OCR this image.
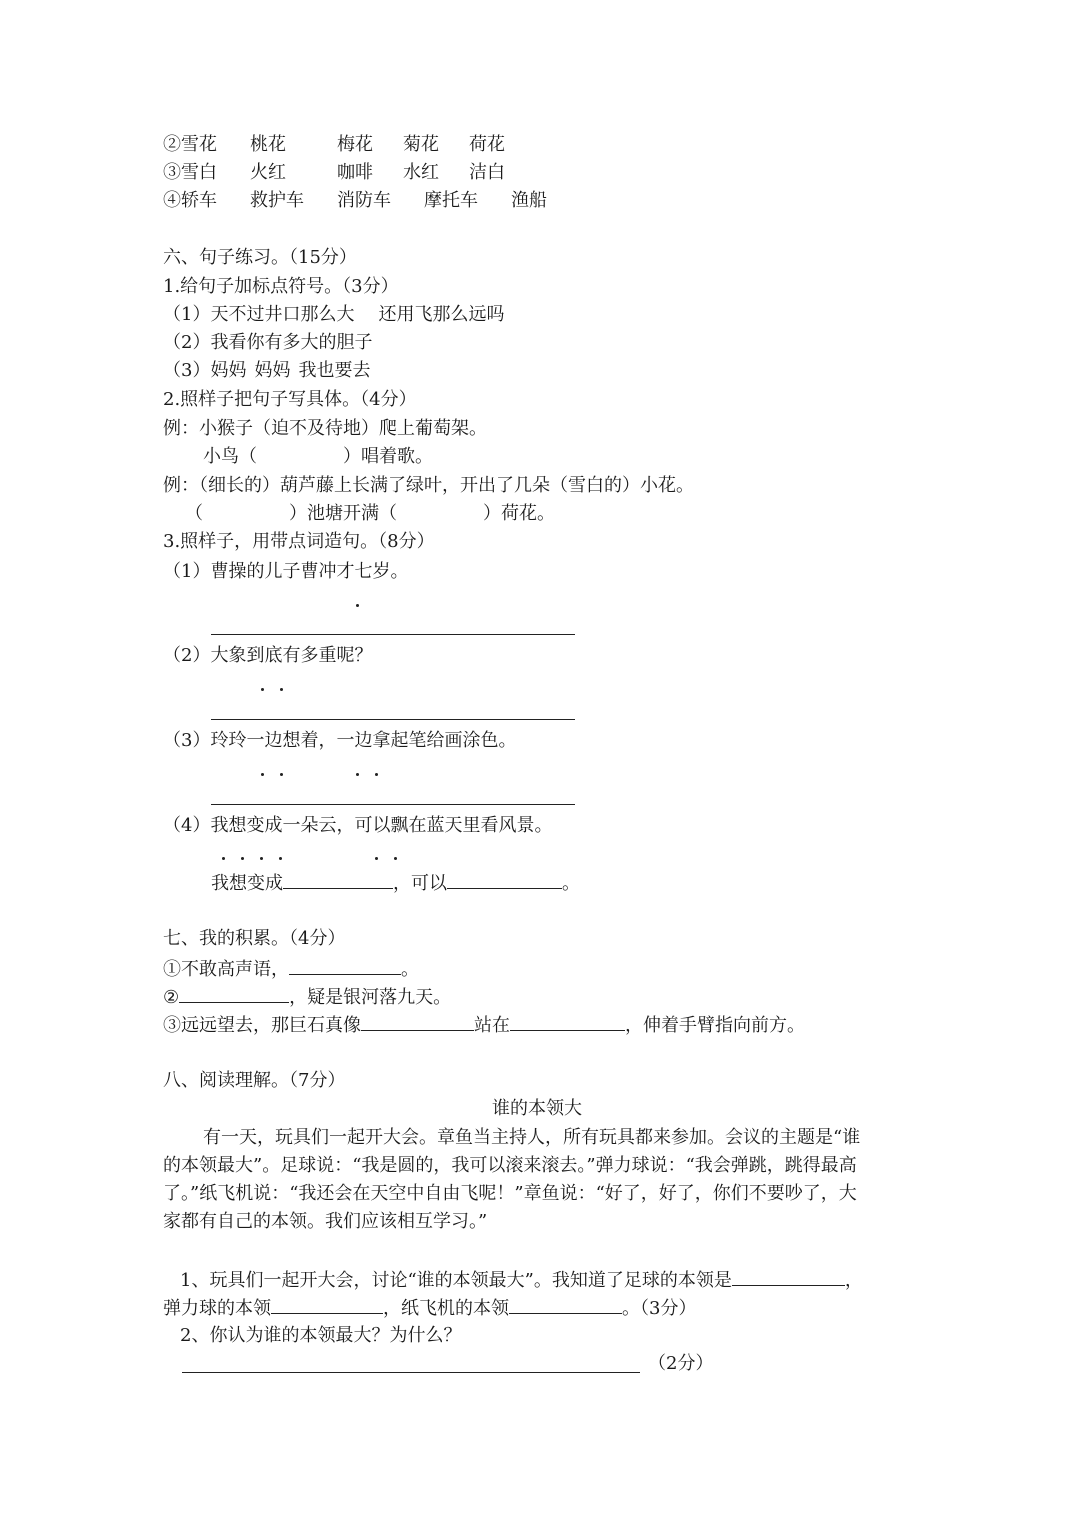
②雪花 桃花	梅花 菊花 荷花
③雪白 火红	咖啡 水红 洁白
④轿车 救护车 消防车 摩托车 渔船
六、句子练习。（15分）
1.给句子加标点符号。（3分）
（1）天不过井口那么大 还用飞那么远吗
（2）我看你有多大的胆子
（3）妈妈 妈妈 我也要去
2.照样子把句子写具体。（4分）
例：小猴子（迫不及待地）爬上葡萄架。
小鸟（	）唱着歌。
例：（细长的）葫芦藤上长满了绿叶，开出了几朵（雪白的）小花。
（	）池塘开满（	）荷花。
3.照样子，用带点词造句。（8分）
（1）曹操的儿子曹冲才七岁。
（2）大象到底有多重呢？
（3）玲玲一边想着，一边拿起笔给画涂色。
（4）我想变成一朵云，可以飘在蓝天里看风景。
我想变成	，可以	。
七、我的积累。（4分）
①不敢高声语，	。
②	，疑是银河落九天。
③远远望去，那巨石真像	站在	，伸着手臂指向前方。
八、阅读理解。（7分）
谁的本领大
有一天，玩具们一起开大会。章鱼当主持人，所有玩具都来参加。会议的主题是“谁
的本领最大”。足球说：“我是圆的，我可以滚来滚去。”弹力球说：“我会弹跳，跳得最高
了。”纸飞机说：“我还会在天空中自由飞呢！”章鱼说：“好了，好了，你们不要吵了，大
家都有自己的本领。我们应该相互学习。”
1、玩具们一起开大会，讨论“谁的本领最大”。我知道了足球的本领是	，
弹力球的本领	，纸飞机的本领	。（3分）
2、你认为谁的本领最大？为什么？
（2分）
